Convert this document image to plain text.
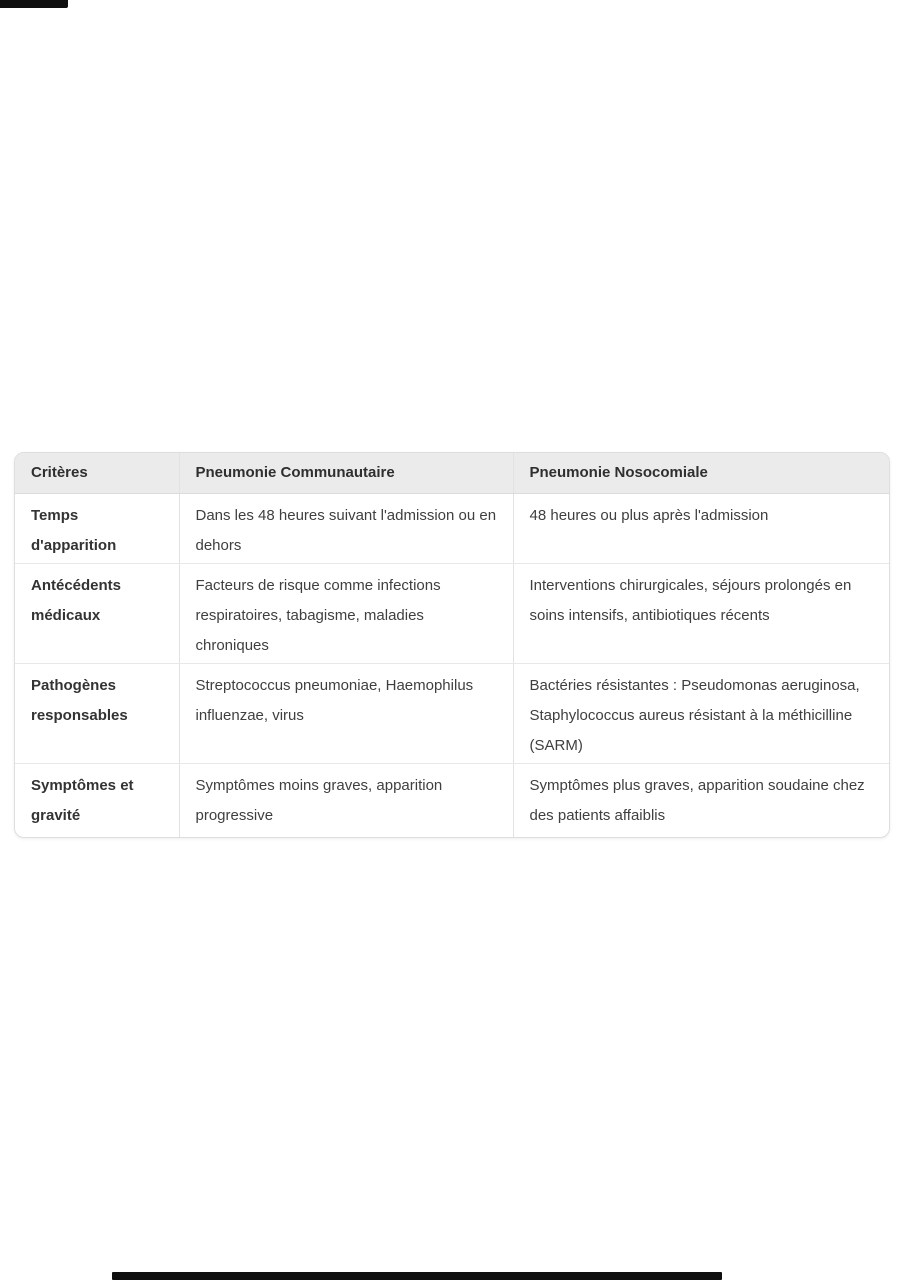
Critères	Pneumonie Communautaire	Pneumonie Nosocomiale
Temps d'apparition	Dans les 48 heures suivant l'admission ou en dehors	48 heures ou plus après l'admission
Antécédents médicaux	Facteurs de risque comme infections respiratoires, tabagisme, maladies chroniques	Interventions chirurgicales, séjours prolongés en soins intensifs, antibiotiques récents
Pathogènes responsables	Streptococcus pneumoniae, Haemophilus influenzae, virus	Bactéries résistantes : Pseudomonas aeruginosa, Staphylococcus aureus résistant à la méthicilline (SARM)
Symptômes et gravité	Symptômes moins graves, apparition progressive	Symptômes plus graves, apparition soudaine chez des patients affaiblis
